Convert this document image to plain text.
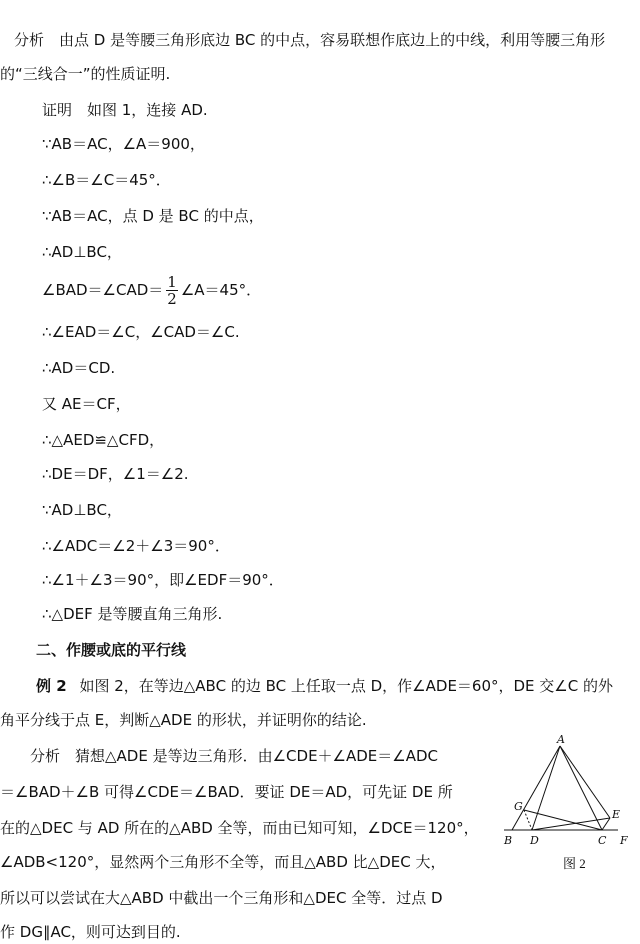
分析　由点 D 是等腰三角形底边 BC 的中点，容易联想作底边上的中线，利用等腰三角形
的“三线合一”的性质证明.
证明　如图 1，连接 AD.
∵AB＝AC，∠A＝900，
∴∠B＝∠C＝45°．
∵AB＝AC，点 D 是 BC 的中点，
∴AD⊥BC，
∠BAD＝∠CAD＝ $\frac{1}{2}$ ∠A＝45°．
∴∠EAD＝∠C，∠CAD＝∠C.
∴AD＝CD.
又 AE＝CF，
∴△AED≌△CFD，
∴DE＝DF，∠1＝∠2.
∵AD⊥BC，
∴∠ADC＝∠2＋∠3＝90°．
∴∠1＋∠3＝90°，即∠EDF＝90°．
∴△DEF 是等腰直角三角形.
二、作腰或底的平行线
例 2 如图 2，在等边△ABC 的边 BC 上任取一点 D，作∠ADE＝60°，DE 交∠C 的外
角平分线于点 E，判断△ADE 的形状，并证明你的结论.
分析　猜想△ADE 是等边三角形．由∠CDE＋∠ADE＝∠ADC
＝∠BAD＋∠B 可得∠CDE＝∠BAD．要证 DE＝AD，可先证 DE 所
在的△DEC 与 AD 所在的△ABD 全等，而由已知可知，∠DCE＝120°，
∠ADB<120°，显然两个三角形不全等，而且△ABD 比△DEC 大，
所以可以尝试在大△ABD 中截出一个三角形和△DEC 全等．过点 D
作 DG∥AC，则可达到目的.
A
G
E
B D	C F
图 2
